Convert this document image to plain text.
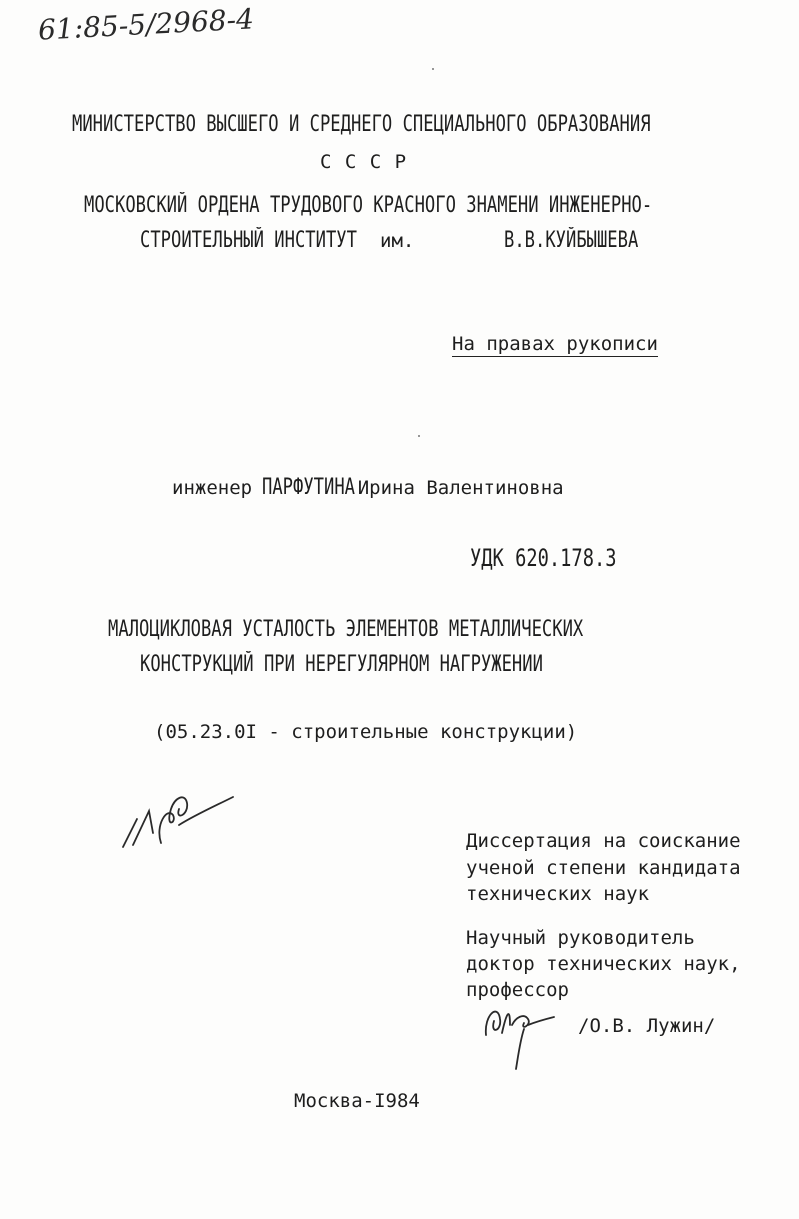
61:85-5/2968-4
МИНИСТЕРСТВО ВЫСШЕГО И СРЕДНЕГО СПЕЦИАЛЬНОГО ОБРАЗОВАНИЯ
С С С Р
МОСКОВСКИЙ ОРДЕНА ТРУДОВОГО КРАСНОГО ЗНАМЕНИ ИНЖЕНЕРНО-
СТРОИТЕЛЬНЫЙ ИНСТИТУТ им.	В.В.КУЙБЫШЕВА
На правах рукописи
инженер ПАРФУТИНА Ирина Валентиновна
УДК 620.178.3
МАЛОЦИКЛОВАЯ УСТАЛОСТЬ ЭЛЕМЕНТОВ МЕТАЛЛИЧЕСКИХ
КОНСТРУКЦИЙ ПРИ НЕРЕГУЛЯРНОМ НАГРУЖЕНИИ
(05.23.0I - строительные конструкции)
Диссертация на соискание
ученой степени кандидата
технических наук
Научный руководитель
доктор технических наук,
профессор
/О.В. Лужин/
Москва-I984
